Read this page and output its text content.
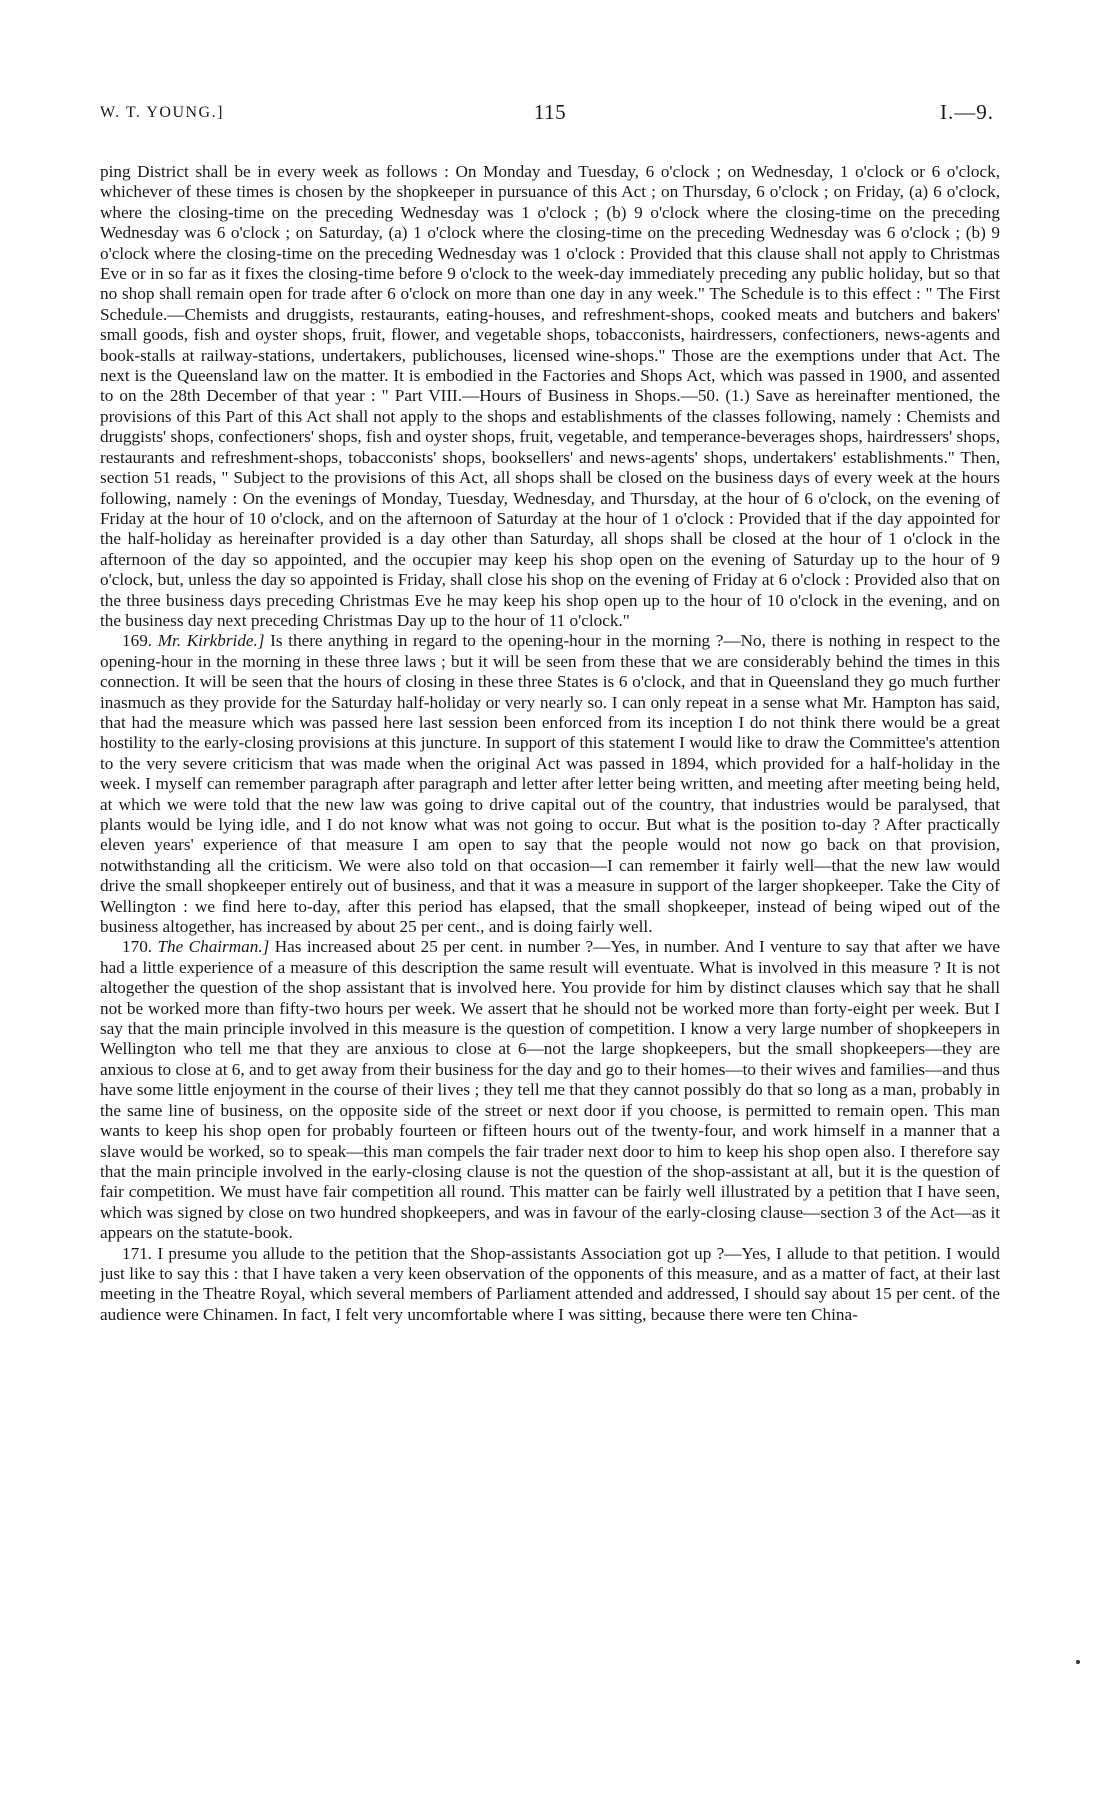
W. T. YOUNG.]	115	I.—9.

ping District shall be in every week as follows : On Monday and Tuesday, 6 o'clock ; on Wednesday, 1 o'clock or 6 o'clock, whichever of these times is chosen by the shopkeeper in pursuance of this Act ; on Thursday, 6 o'clock ; on Friday, (a) 6 o'clock, where the closing-time on the preceding Wednesday was 1 o'clock ; (b) 9 o'clock where the closing-time on the preceding Wednesday was 6 o'clock ; on Saturday, (a) 1 o'clock where the closing-time on the preceding Wednesday was 6 o'clock ; (b) 9 o'clock where the closing-time on the preceding Wednesday was 1 o'clock : Provided that this clause shall not apply to Christmas Eve or in so far as it fixes the closing-time before 9 o'clock to the week-day immediately preceding any public holiday, but so that no shop shall remain open for trade after 6 o'clock on more than one day in any week." The Schedule is to this effect : " The First Schedule.—Chemists and druggists, restaurants, eating-houses, and refreshment-shops, cooked meats and butchers and bakers' small goods, fish and oyster shops, fruit, flower, and vegetable shops, tobacconists, hairdressers, confectioners, news-agents and book-stalls at railway-stations, undertakers, publichouses, licensed wine-shops." Those are the exemptions under that Act. The next is the Queensland law on the matter. It is embodied in the Factories and Shops Act, which was passed in 1900, and assented to on the 28th December of that year : " Part VIII.—Hours of Business in Shops.—50. (1.) Save as hereinafter mentioned, the provisions of this Part of this Act shall not apply to the shops and establishments of the classes following, namely : Chemists and druggists' shops, confectioners' shops, fish and oyster shops, fruit, vegetable, and temperance-beverages shops, hairdressers' shops, restaurants and refreshment-shops, tobacconists' shops, booksellers' and news-agents' shops, undertakers' establishments." Then, section 51 reads, " Subject to the provisions of this Act, all shops shall be closed on the business days of every week at the hours following, namely : On the evenings of Monday, Tuesday, Wednesday, and Thursday, at the hour of 6 o'clock, on the evening of Friday at the hour of 10 o'clock, and on the afternoon of Saturday at the hour of 1 o'clock : Provided that if the day appointed for the half-holiday as hereinafter provided is a day other than Saturday, all shops shall be closed at the hour of 1 o'clock in the afternoon of the day so appointed, and the occupier may keep his shop open on the evening of Saturday up to the hour of 9 o'clock, but, unless the day so appointed is Friday, shall close his shop on the evening of Friday at 6 o'clock : Provided also that on the three business days preceding Christmas Eve he may keep his shop open up to the hour of 10 o'clock in the evening, and on the business day next preceding Christmas Day up to the hour of 11 o'clock."

169. Mr. Kirkbride.] Is there anything in regard to the opening-hour in the morning ?—No, there is nothing in respect to the opening-hour in the morning in these three laws ; but it will be seen from these that we are considerably behind the times in this connection. It will be seen that the hours of closing in these three States is 6 o'clock, and that in Queensland they go much further inasmuch as they provide for the Saturday half-holiday or very nearly so. I can only repeat in a sense what Mr. Hampton has said, that had the measure which was passed here last session been enforced from its inception I do not think there would be a great hostility to the early-closing provisions at this juncture. In support of this statement I would like to draw the Committee's attention to the very severe criticism that was made when the original Act was passed in 1894, which provided for a half-holiday in the week. I myself can remember paragraph after paragraph and letter after letter being written, and meeting after meeting being held, at which we were told that the new law was going to drive capital out of the country, that industries would be paralysed, that plants would be lying idle, and I do not know what was not going to occur. But what is the position to-day ? After practically eleven years' experience of that measure I am open to say that the people would not now go back on that provision, notwithstanding all the criticism. We were also told on that occasion—I can remember it fairly well—that the new law would drive the small shopkeeper entirely out of business, and that it was a measure in support of the larger shopkeeper. Take the City of Wellington : we find here to-day, after this period has elapsed, that the small shopkeeper, instead of being wiped out of the business altogether, has increased by about 25 per cent., and is doing fairly well.

170. The Chairman.] Has increased about 25 per cent. in number ?—Yes, in number. And I venture to say that after we have had a little experience of a measure of this description the same result will eventuate. What is involved in this measure ? It is not altogether the question of the shop assistant that is involved here. You provide for him by distinct clauses which say that he shall not be worked more than fifty-two hours per week. We assert that he should not be worked more than forty-eight per week. But I say that the main principle involved in this measure is the question of competition. I know a very large number of shopkeepers in Wellington who tell me that they are anxious to close at 6—not the large shopkeepers, but the small shopkeepers—they are anxious to close at 6, and to get away from their business for the day and go to their homes—to their wives and families—and thus have some little enjoyment in the course of their lives ; they tell me that they cannot possibly do that so long as a man, probably in the same line of business, on the opposite side of the street or next door if you choose, is permitted to remain open. This man wants to keep his shop open for probably fourteen or fifteen hours out of the twenty-four, and work himself in a manner that a slave would be worked, so to speak—this man compels the fair trader next door to him to keep his shop open also. I therefore say that the main principle involved in the early-closing clause is not the question of the shop-assistant at all, but it is the question of fair competition. We must have fair competition all round. This matter can be fairly well illustrated by a petition that I have seen, which was signed by close on two hundred shopkeepers, and was in favour of the early-closing clause—section 3 of the Act—as it appears on the statute-book.

171. I presume you allude to the petition that the Shop-assistants Association got up ?—Yes, I allude to that petition. I would just like to say this : that I have taken a very keen observation of the opponents of this measure, and as a matter of fact, at their last meeting in the Theatre Royal, which several members of Parliament attended and addressed, I should say about 15 per cent. of the audience were Chinamen. In fact, I felt very uncomfortable where I was sitting, because there were ten China-
